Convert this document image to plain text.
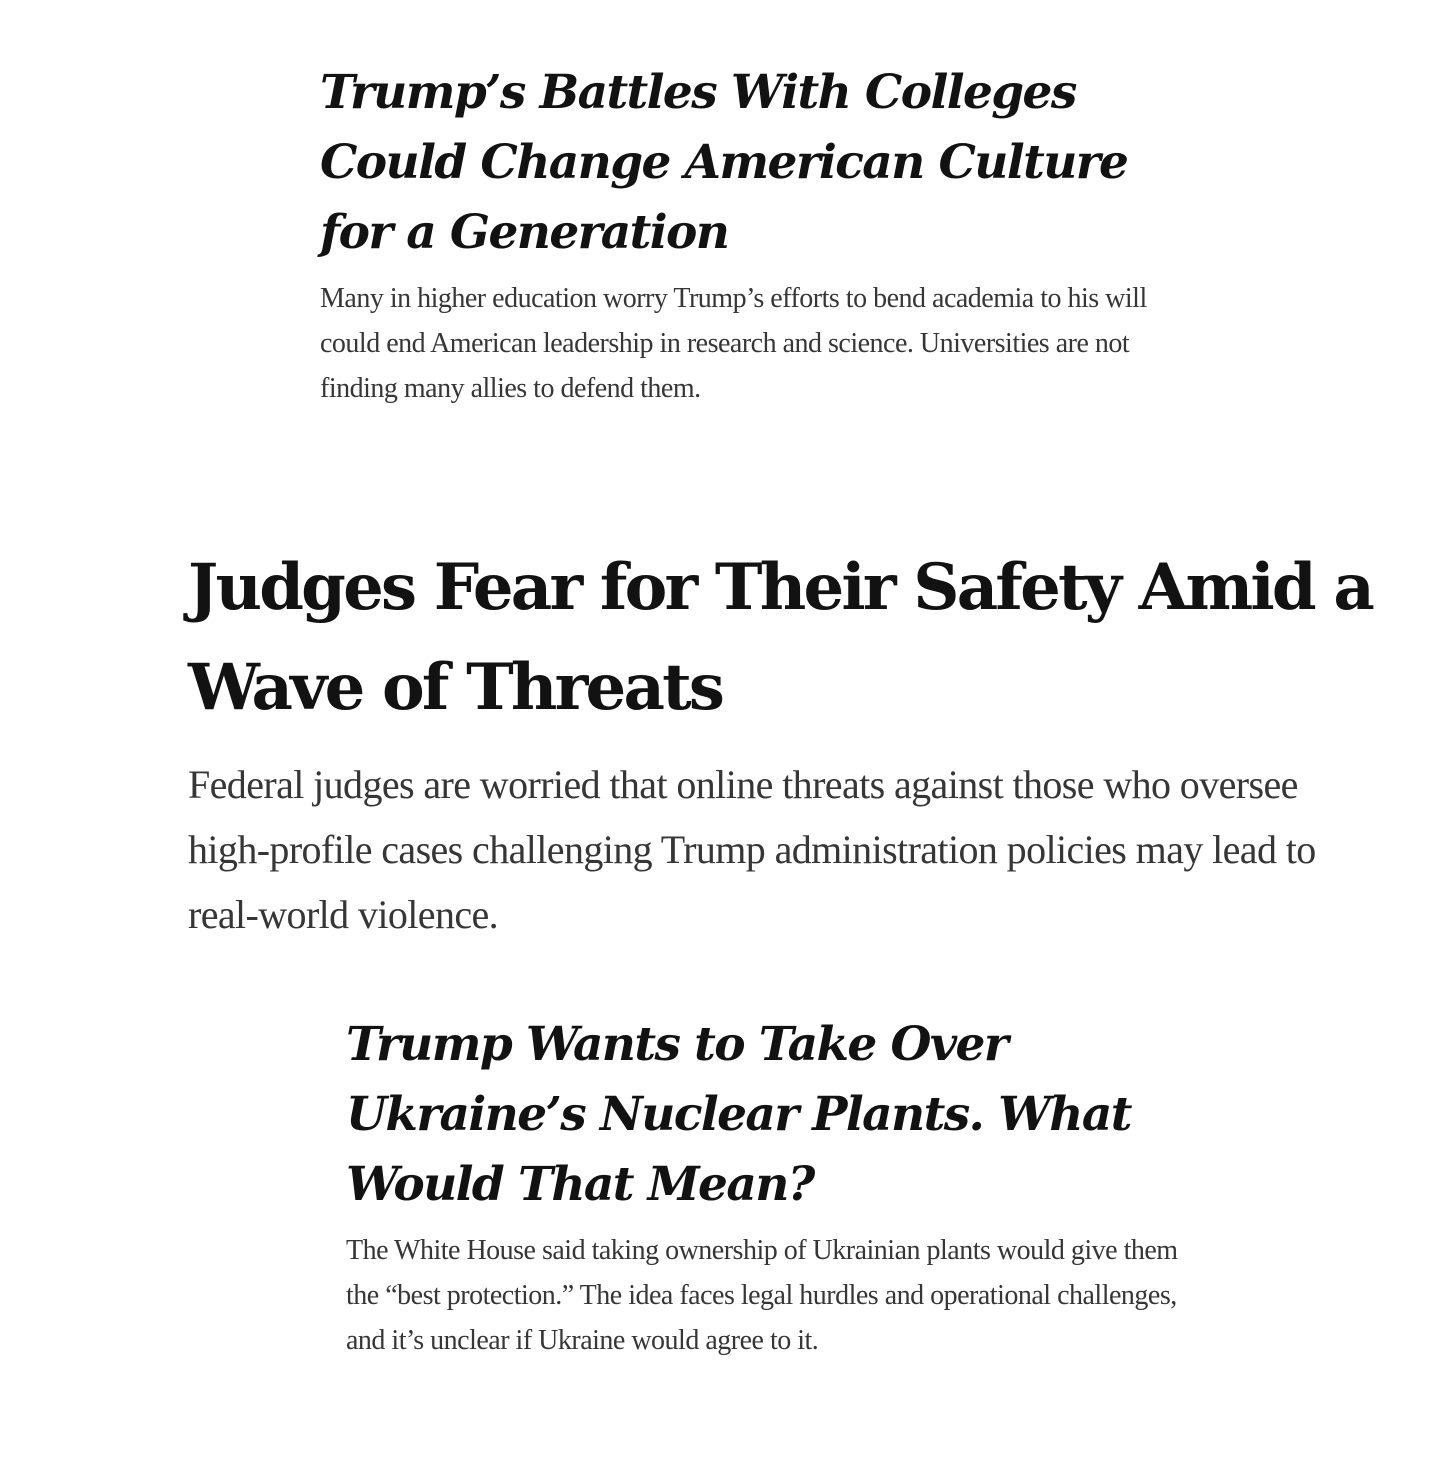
Trump’s Battles With Colleges Could Change American Culture for a Generation

Many in higher education worry Trump’s efforts to bend academia to his will could end American leadership in research and science. Universities are not finding many allies to defend them.

Judges Fear for Their Safety Amid a Wave of Threats

Federal judges are worried that online threats against those who oversee high-profile cases challenging Trump administration policies may lead to real-world violence.

Trump Wants to Take Over Ukraine’s Nuclear Plants. What Would That Mean?

The White House said taking ownership of Ukrainian plants would give them the “best protection.” The idea faces legal hurdles and operational challenges, and it’s unclear if Ukraine would agree to it.
